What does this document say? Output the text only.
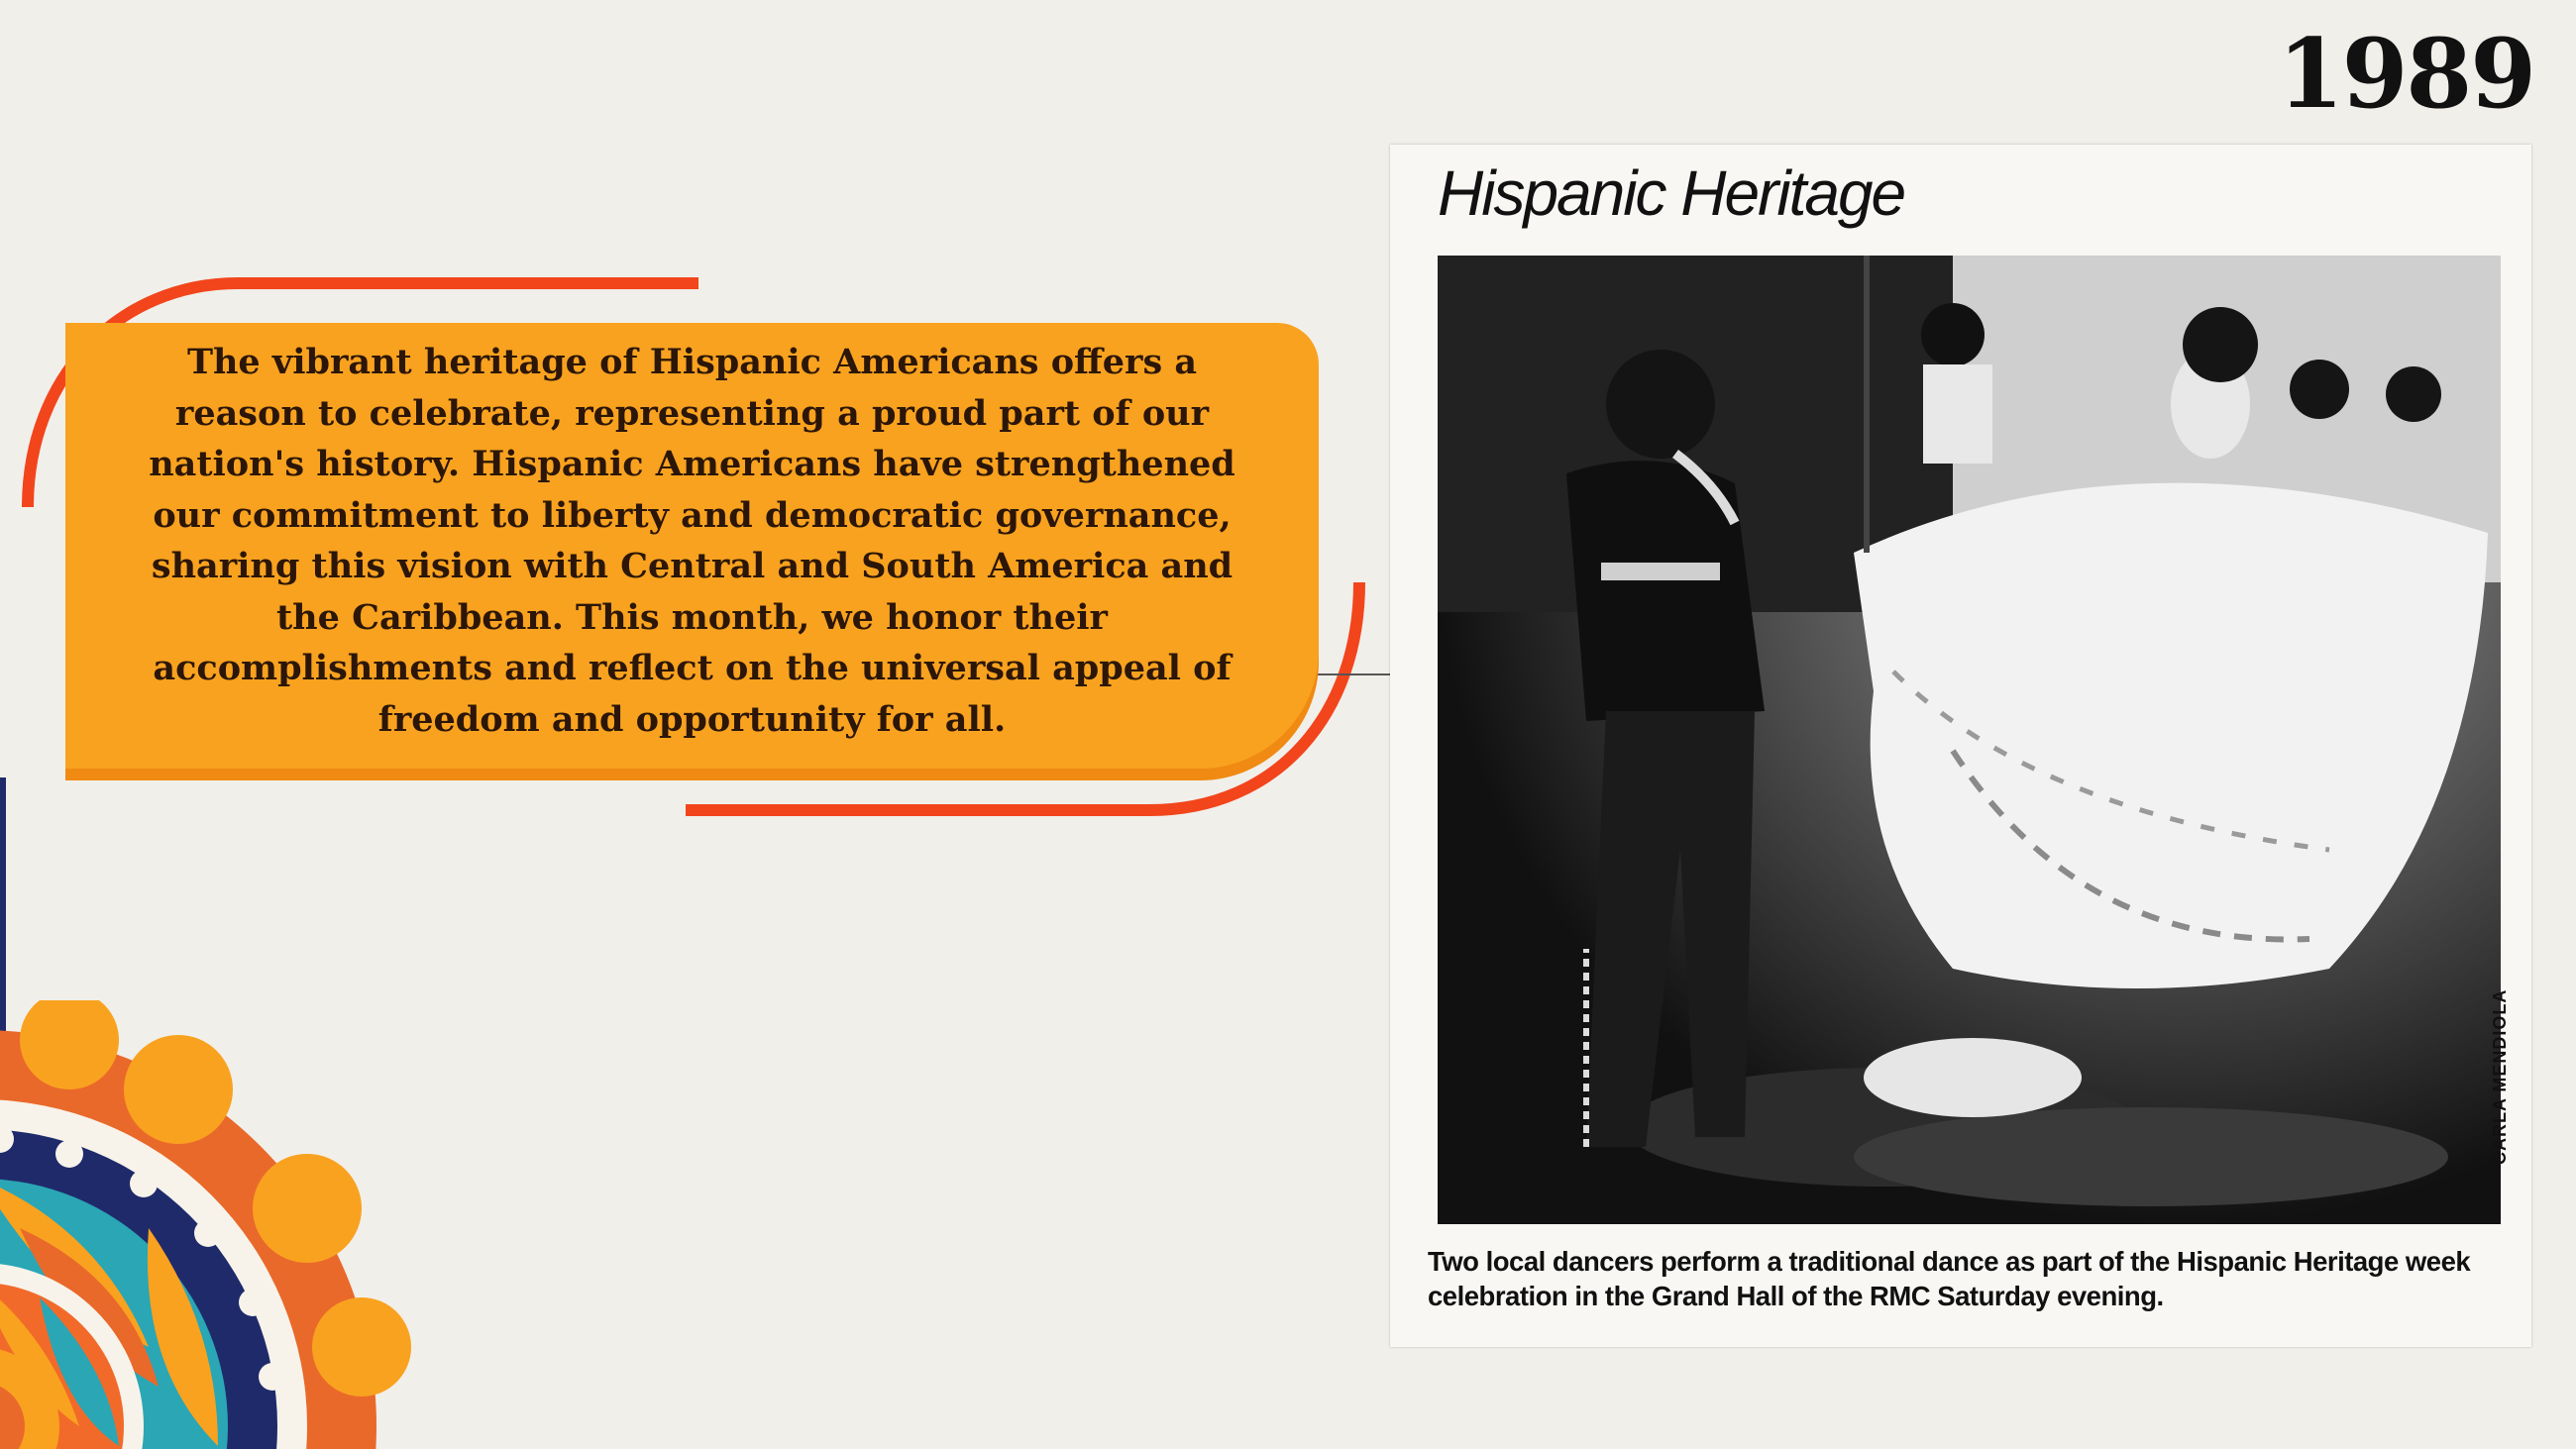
1989
The vibrant heritage of Hispanic Americans offers a reason to celebrate, representing a proud part of our nation's history. Hispanic Americans have strengthened our commitment to liberty and democratic governance, sharing this vision with Central and South America and the Caribbean. This month, we honor their accomplishments and reflect on the universal appeal of freedom and opportunity for all.
Hispanic Heritage
CARLA MENDIOLA
Two local dancers perform a traditional dance as part of the Hispanic Heritage week celebration in the Grand Hall of the RMC Saturday evening.
